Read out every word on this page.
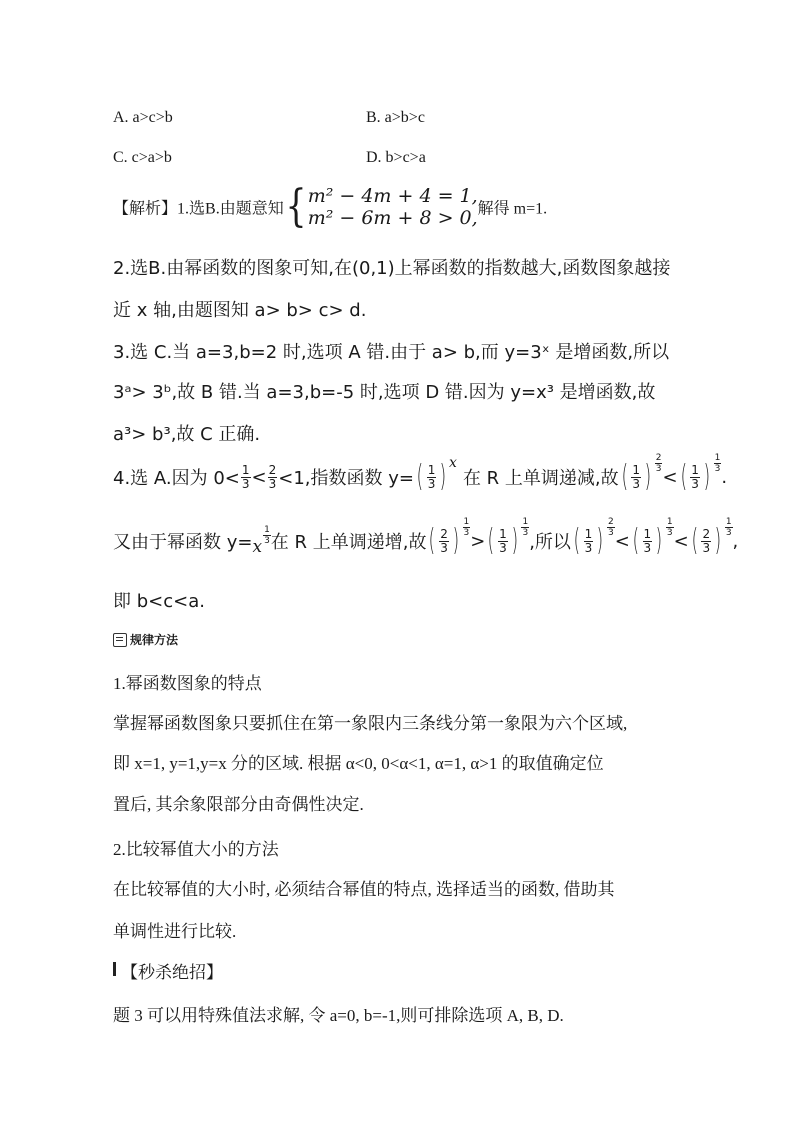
A. a>c>b	B. a>b>c
C. c>a>b	D. b>c>a
【解析】1.选B.由题意知{ m² − 4m + 4 = 1,
m² − 6m + 8 > 0, 解得 m=1.
2.选B.由幂函数的图象可知,在(0,1)上幂函数的指数越大,函数图象越接
近 x 轴,由题图知 a> b> c> d.
3.选 C.当 a=3,b=2 时,选项 A 错.由于 a> b,而 y=3ˣ 是增函数,所以
3ᵃ> 3ᵇ,故 B 错.当 a=3,b=-5 时,选项 D 错.因为 y=x³ 是增函数,故
a³> b³,故 C 正确.
4.选 A.因为 $0< \frac{1}{3} < \frac{2}{3} <1$,指数函数 y= ( $\frac{1}{3}$ ) x
在 R 上单调递减,故 ( $\frac{1}{3}$ )
2
3 < ( $\frac{1}{3}$ )
1
3 .
又由于幂函数 y= x
1
3 在 R 上单调递增,故 ( $\frac{2}{3}$ )
1
3 > ( $\frac{1}{3}$ )
1
3 ,所以 ( $\frac{1}{3}$ )
2
3 < ( $\frac{1}{3}$ )
1
3 < ( $\frac{2}{3}$ )
1
3 ,
即 b<c<a.
规律方法
1.幂函数图象的特点
掌握幂函数图象只要抓住在第一象限内三条线分第一象限为六个区域,
即 x=1, y=1,y=x 分的区域. 根据 α<0, 0<α<1, α=1, α>1 的取值确定位
置后, 其余象限部分由奇偶性决定.
2.比较幂值大小的方法
在比较幂值的大小时, 必须结合幂值的特点, 选择适当的函数, 借助其
单调性进行比较.
【秒杀绝招】
题 3 可以用特殊值法求解, 令 a=0, b=-1,则可排除选项 A, B, D.
